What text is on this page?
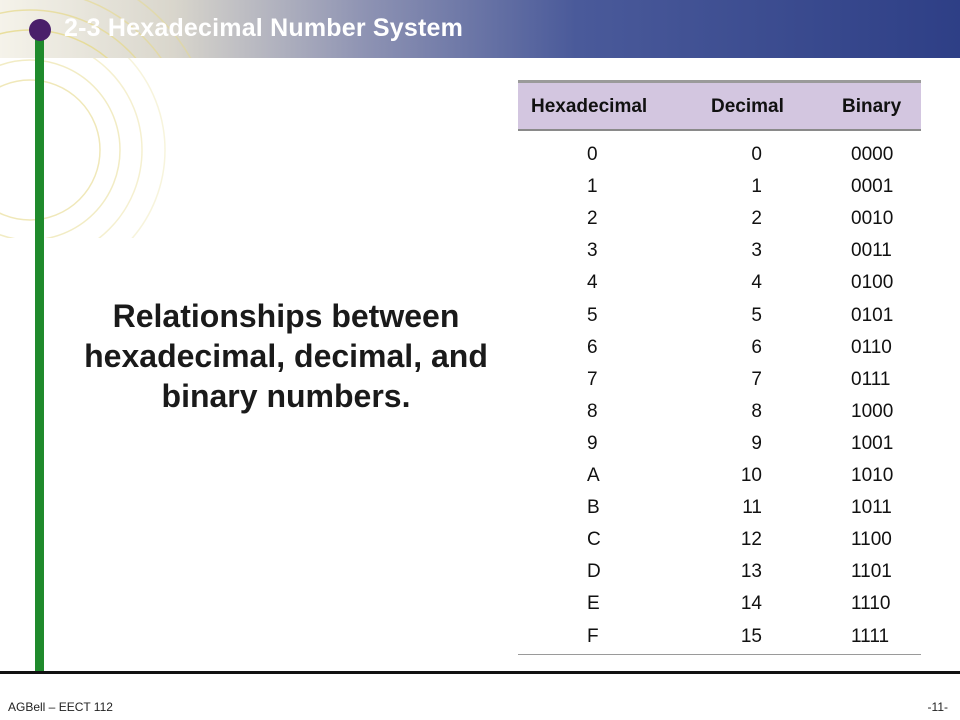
2-3 Hexadecimal Number System
Relationships between hexadecimal, decimal, and binary numbers.
Hexadecimal	Decimal	Binary
0	0	0000
1	1	0001
2	2	0010
3	3	0011
4	4	0100
5	5	0101
6	6	0110
7	7	0111
8	8	1000
9	9	1001
A	10	1010
B	11	1011
C	12	1100
D	13	1101
E	14	1110
F	15	1111
AGBell – EECT 112	-11-
